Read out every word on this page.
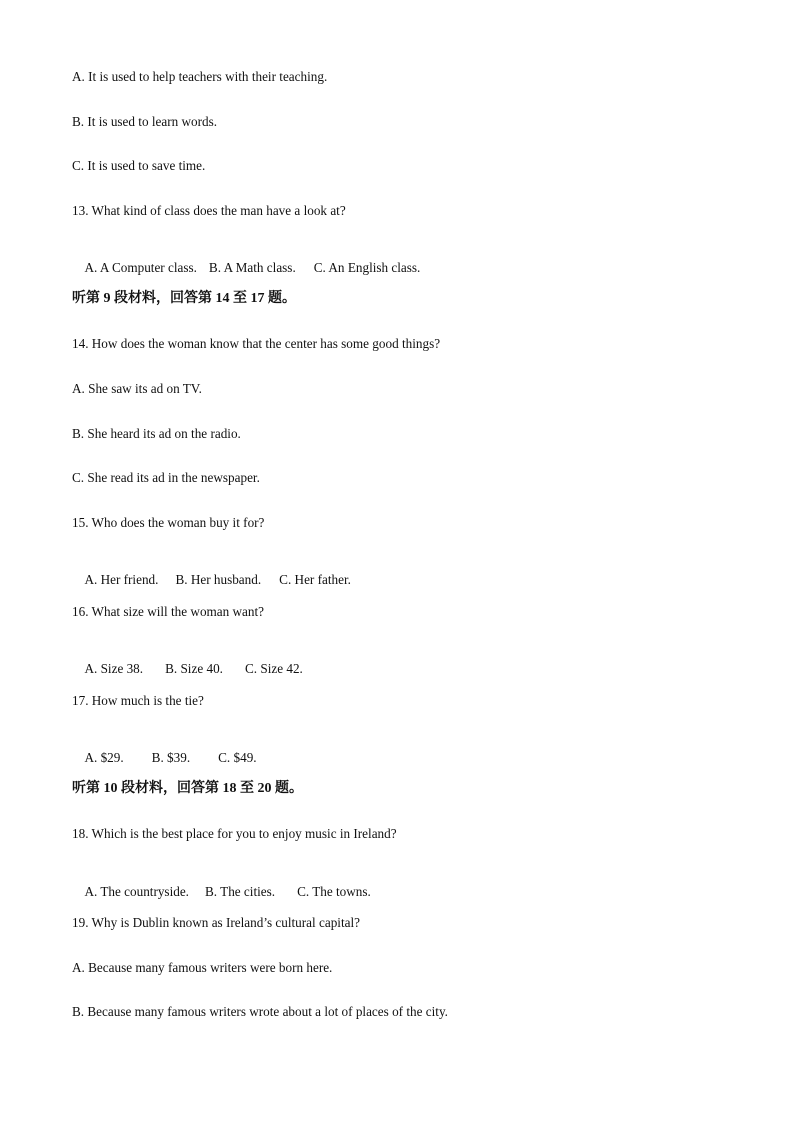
A. It is used to help teachers with their teaching.
B. It is used to learn words.
C. It is used to save time.
13. What kind of class does the man have a look at?

A. A Computer class. B. A Math class. C. An English class.

听第 9 段材料，回答第 14 至 17 题。
14. How does the woman know that the center has some good things?
A. She saw its ad on TV.
B. She heard its ad on the radio.
C. She read its ad in the newspaper.
15. Who does the woman buy it for?

A. Her friend. B. Her husband. C. Her father.

16. What size will the woman want?

A. Size 38. B. Size 40. C. Size 42.

17. How much is the tie?

A. $29. B. $39. C. $49.

听第 10 段材料，回答第 18 至 20 题。
18. Which is the best place for you to enjoy music in Ireland?

A. The countryside. B. The cities. C. The towns.

19. Why is Dublin known as Ireland’s cultural capital?
A. Because many famous writers were born here.
B. Because many famous writers wrote about a lot of places of the city.
